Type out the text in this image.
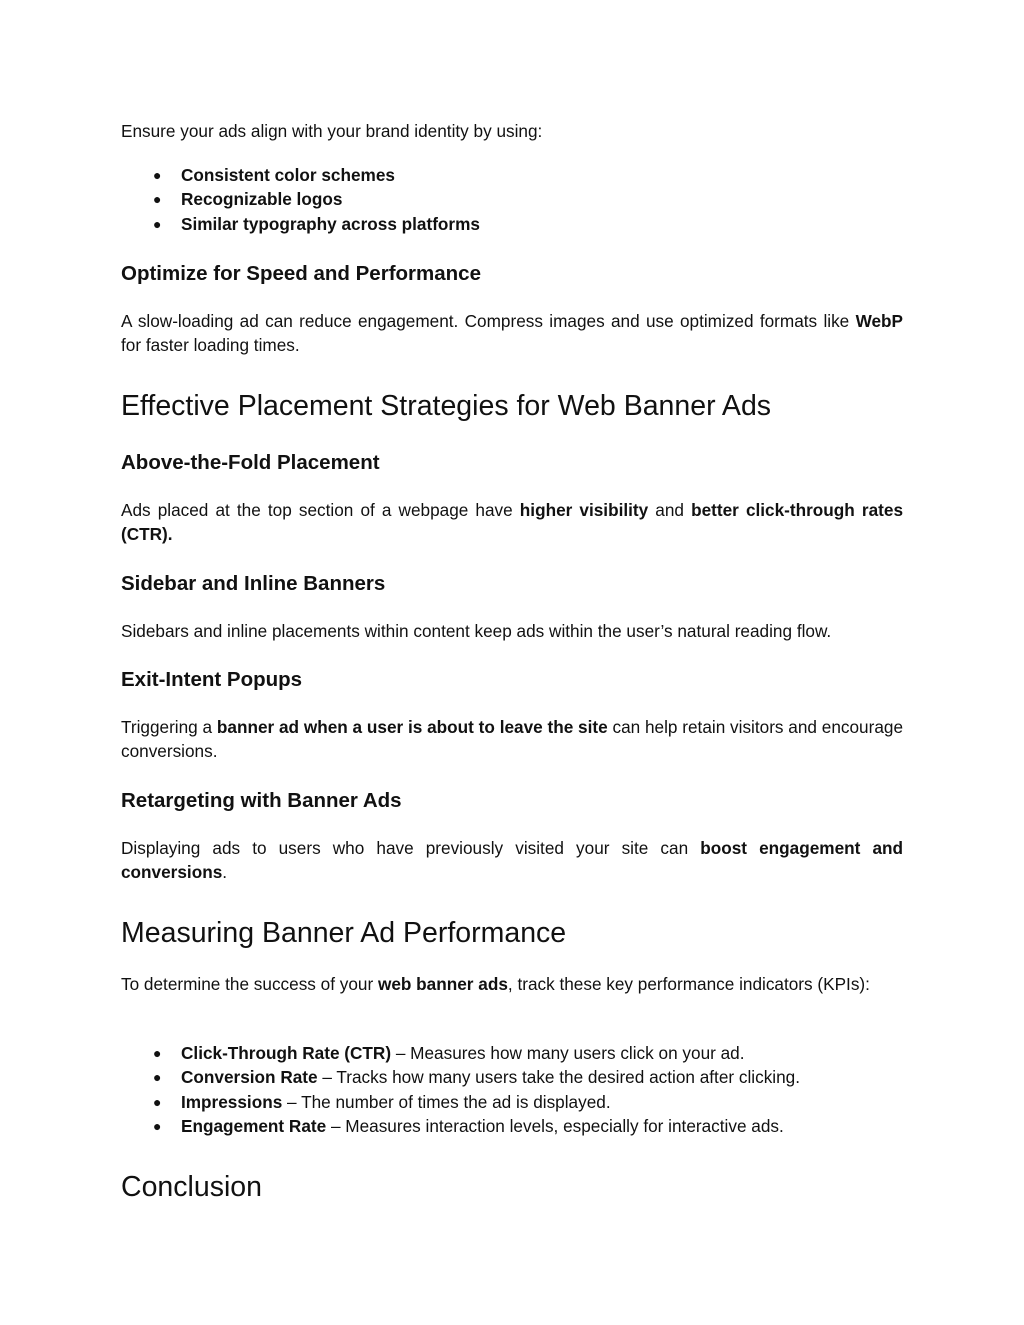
Ensure your ads align with your brand identity by using:

● Consistent color schemes
● Recognizable logos
● Similar typography across platforms
Optimize for Speed and Performance

A slow-loading ad can reduce engagement. Compress images and use optimized formats like WebP for faster loading times.

Effective Placement Strategies for Web Banner Ads
Above-the-Fold Placement

Ads placed at the top section of a webpage have higher visibility and better click-through rates (CTR).

Sidebar and Inline Banners

Sidebars and inline placements within content keep ads within the user’s natural reading flow.

Exit-Intent Popups

Triggering a banner ad when a user is about to leave the site can help retain visitors and encourage conversions.

Retargeting with Banner Ads

Displaying ads to users who have previously visited your site can boost engagement and conversions.

Measuring Banner Ad Performance

To determine the success of your web banner ads, track these key performance indicators (KPIs):

● Click-Through Rate (CTR) – Measures how many users click on your ad.
● Conversion Rate – Tracks how many users take the desired action after clicking.
● Impressions – The number of times the ad is displayed.
● Engagement Rate – Measures interaction levels, especially for interactive ads.
Conclusion
